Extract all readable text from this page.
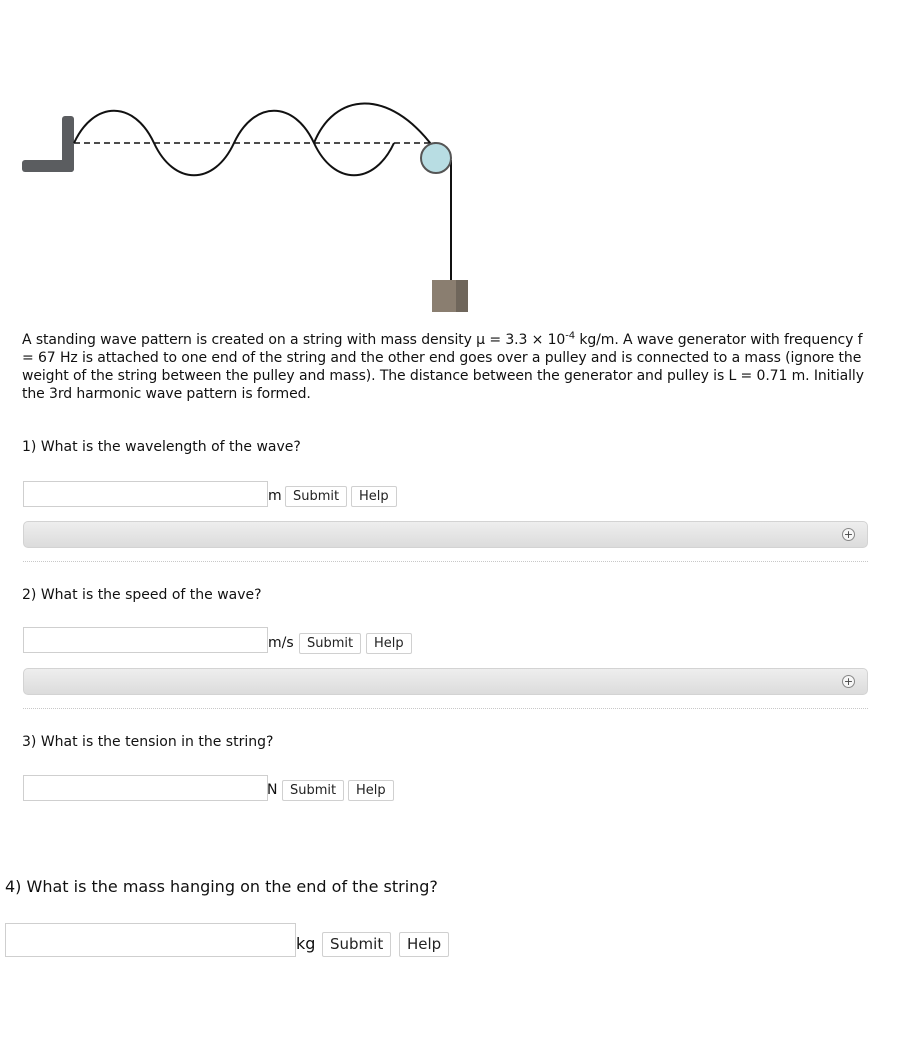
A standing wave pattern is created on a string with mass density $\mu = 3.3 \times 10^{-4}$ kg/m. A wave generator with frequency f = 67 Hz is attached to one end of the string and the other end goes over a pulley and is connected to a mass (ignore the weight of the string between the pulley and mass). The distance between the generator and pulley is L = 0.71 m. Initially the 3rd harmonic wave pattern is formed.
1) What is the wavelength of the wave?
m Submit	Help
+
2) What is the speed of the wave?
m/s	Submit	Help
+
3) What is the tension in the string?
N Submit	Help
4) What is the mass hanging on the end of the string?
kg Submit	Help
